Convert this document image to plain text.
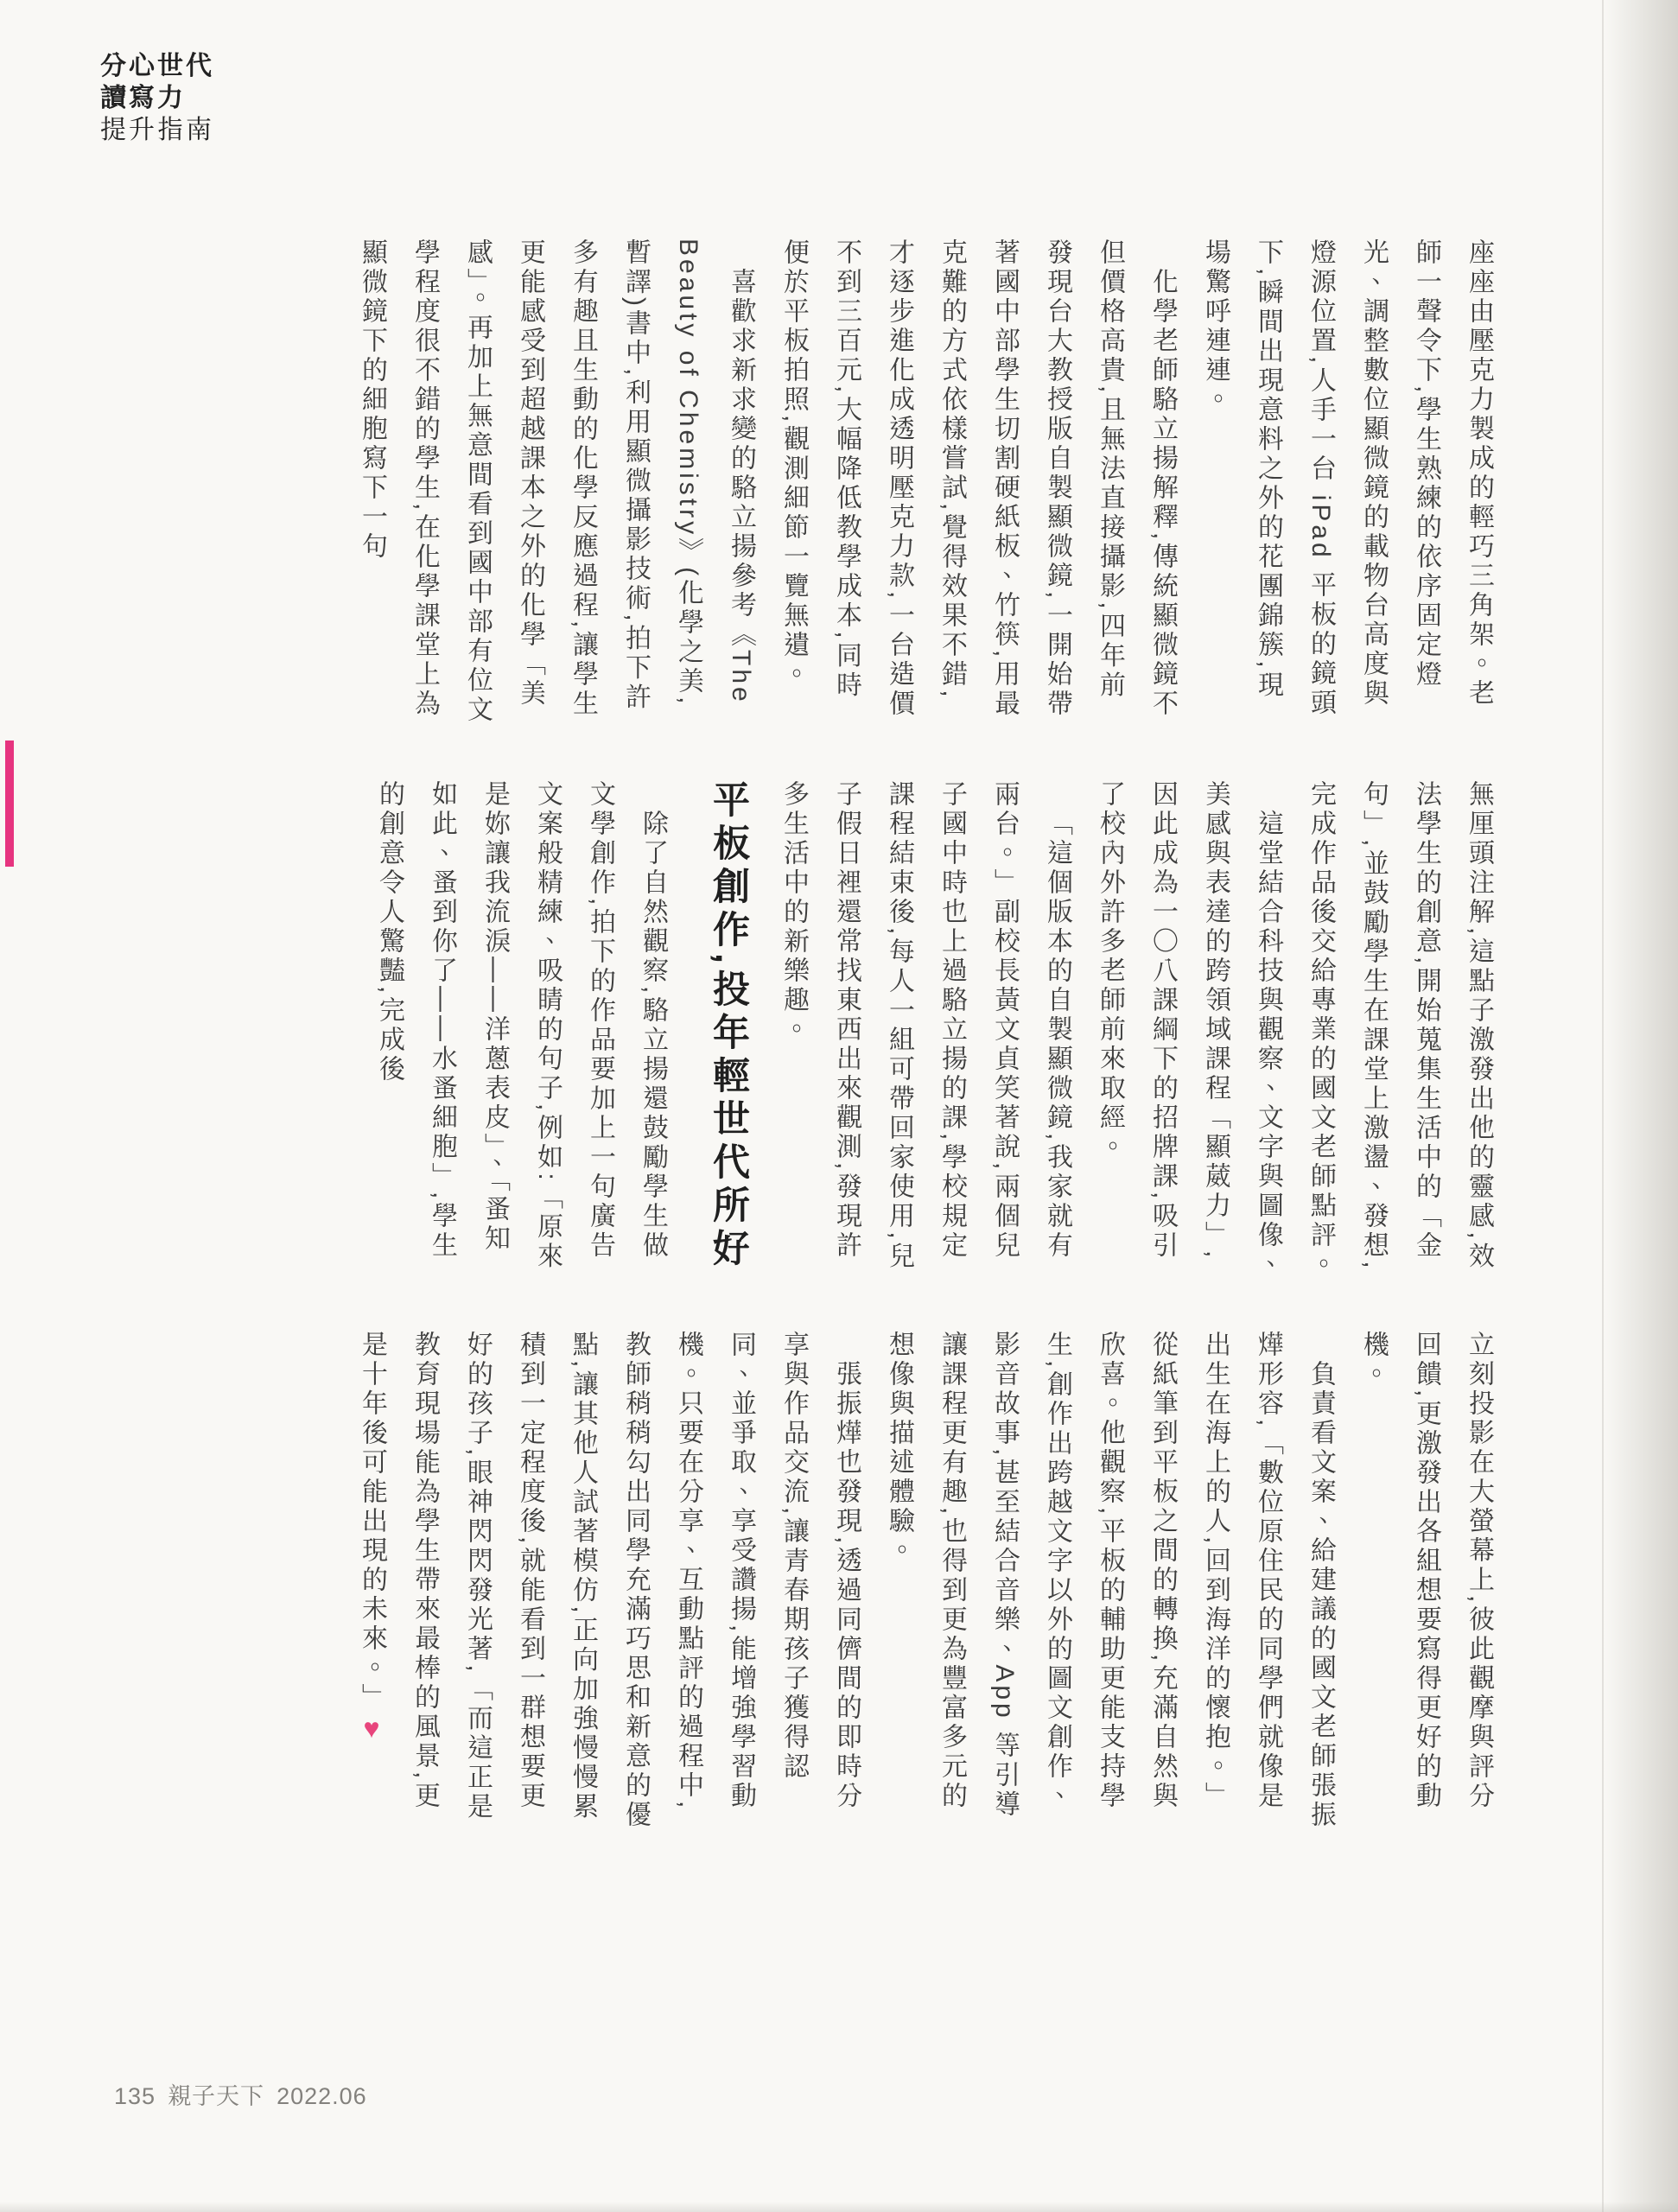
分心世代
讀寫力
提升指南

座座由壓克力製成的輕巧三角架。老師一聲令下,學生熟練的依序固定燈光、調整數位顯微鏡的載物台高度與燈源位置,人手一台 iPad 平板的鏡頭下,瞬間出現意料之外的花團錦簇,現場驚呼連連。

化學老師駱立揚解釋,傳統顯微鏡不但價格高貴,且無法直接攝影,四年前發現台大教授版自製顯微鏡,一開始帶著國中部學生切割硬紙板、竹筷,用最克難的方式依樣嘗試,覺得效果不錯,才逐步進化成透明壓克力款,一台造價不到三百元,大幅降低教學成本,同時便於平板拍照,觀測細節一覽無遺。

喜歡求新求變的駱立揚參考《The Beauty of Chemistry》(化學之美,暫譯)書中,利用顯微攝影技術,拍下許多有趣且生動的化學反應過程,讓學生更能感受到超越課本之外的化學「美感」。再加上無意間看到國中部有位文學程度很不錯的學生,在化學課堂上為顯微鏡下的細胞寫下一句

無厘頭注解,這點子激發出他的靈感,效法學生的創意,開始蒐集生活中的「金句」,並鼓勵學生在課堂上激盪、發想,完成作品後交給專業的國文老師點評。

這堂結合科技與觀察、文字與圖像、美感與表達的跨領域課程「顯葳力」,因此成為一〇八課綱下的招牌課,吸引了校內外許多老師前來取經。

「這個版本的自製顯微鏡,我家就有兩台。」副校長黃文貞笑著說,兩個兒子國中時也上過駱立揚的課,學校規定課程結束後,每人一組可帶回家使用,兒子假日裡還常找東西出來觀測,發現許多生活中的新樂趣。

平板創作,投年輕世代所好

除了自然觀察,駱立揚還鼓勵學生做文學創作,拍下的作品要加上一句廣告文案般精練、吸睛的句子,例如:「原來是妳讓我流淚——洋蔥表皮」、「蚤知如此、蚤到你了——水蚤細胞」,學生的創意令人驚豔,完成後

立刻投影在大螢幕上,彼此觀摩與評分回饋,更激發出各組想要寫得更好的動機。

負責看文案、給建議的國文老師張振燁形容,「數位原住民的同學們就像是出生在海上的人,回到海洋的懷抱。」從紙筆到平板之間的轉換,充滿自然與欣喜。他觀察,平板的輔助更能支持學生,創作出跨越文字以外的圖文創作、影音故事,甚至結合音樂、App 等引導讓課程更有趣,也得到更為豐富多元的想像與描述體驗。

張振燁也發現,透過同儕間的即時分享與作品交流,讓青春期孩子獲得認同、並爭取、享受讚揚,能增強學習動機。只要在分享、互動點評的過程中,教師稍稍勾出同學充滿巧思和新意的優點,讓其他人試著模仿,正向加強慢慢累積到一定程度後,就能看到一群想要更好的孩子,眼神閃閃發光著,「而這正是教育現場能為學生帶來最棒的風景,更是十年後可能出現的未來。」♥

135 親子天下 2022.06
